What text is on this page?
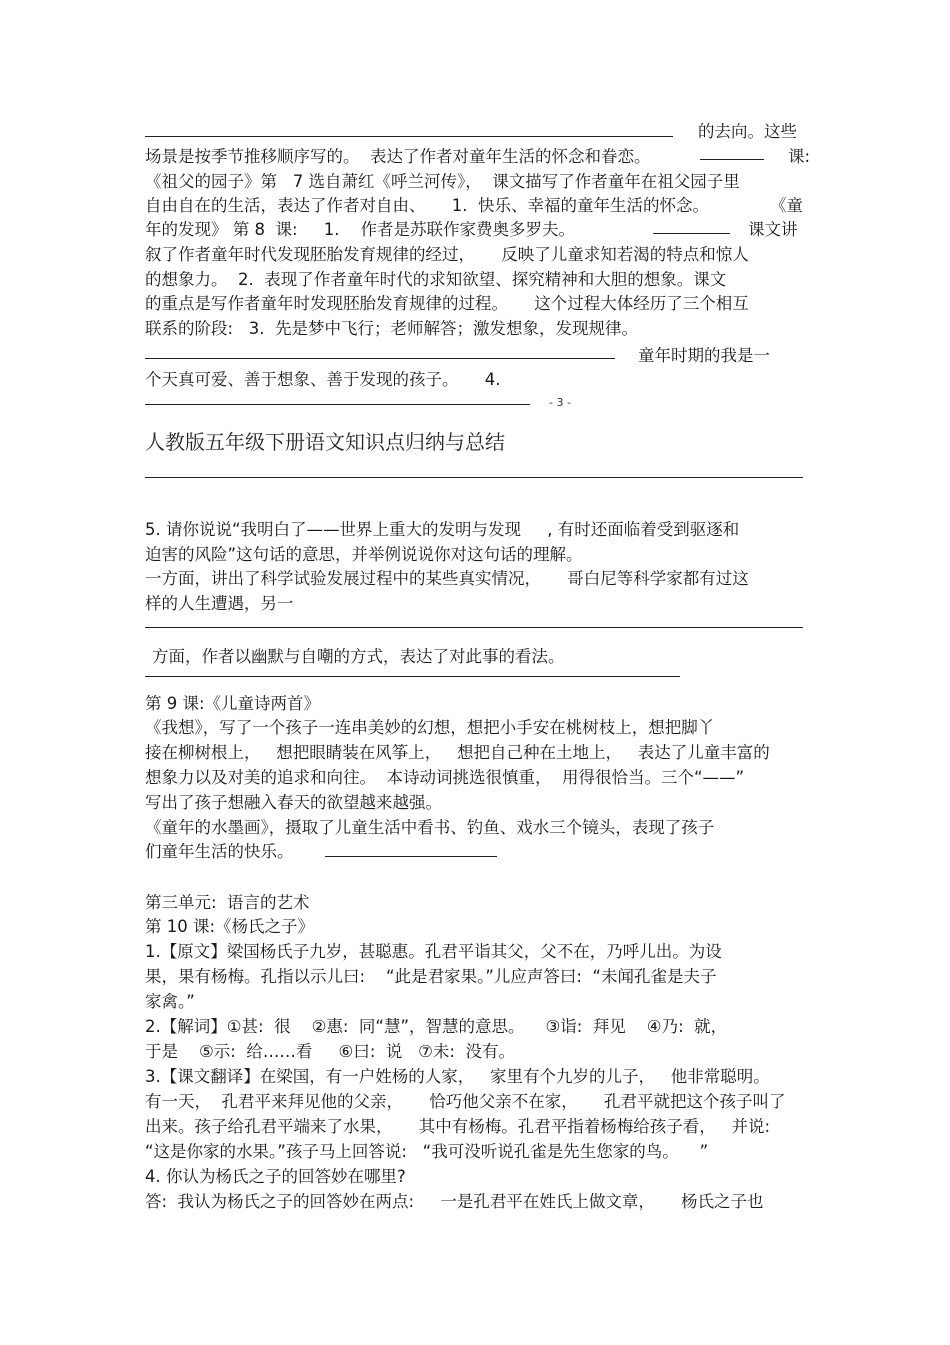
的去向。这些
场景是按季节推移顺序写的。  表达了作者对童年生活的怀念和眷恋。	课:
《祖父的园子》第   7 选自萧红《呼兰河传》，  课文描写了作者童年在祖父园子里
自由自在的生活，表达了作者对自由、     1.  快乐、幸福的童年生活的怀念。	《童
年的发现》 第 8  课:     1.    作者是苏联作家费奥多罗夫。	课文讲
叙了作者童年时代发现胚胎发育规律的经过，     反映了儿童求知若渴的特点和惊人
的想象力。  2.  表现了作者童年时代的求知欲望、探究精神和大胆的想象。课文
的重点是写作者童年时发现胚胎发育规律的过程。     这个过程大体经历了三个相互
联系的阶段:   3.  先是梦中飞行；老师解答；激发想象，发现规律。
童年时期的我是一
个天真可爱、善于想象、善于发现的孩子。     4.
- 3 -
人教版五年级下册语文知识点归纳与总结
5. 请你说说“我明白了——世界上重大的发明与发现     , 有时还面临着受到驱逐和
迫害的风险”这句话的意思，并举例说说你对这句话的理解。
一方面，讲出了科学试验发展过程中的某些真实情况，     哥白尼等科学家都有过这
样的人生遭遇，另一
方面，作者以幽默与自嘲的方式，表达了对此事的看法。
第 9 课:《儿童诗两首》
《我想》，写了一个孩子一连串美妙的幻想，想把小手安在桃树枝上，想把脚丫
接在柳树根上，   想把眼睛装在风筝上，   想把自己种在土地上，   表达了儿童丰富的
想象力以及对美的追求和向往。  本诗动词挑选很慎重，  用得很恰当。三个“——”
写出了孩子想融入春天的欲望越来越强。
《童年的水墨画》，摄取了儿童生活中看书、钓鱼、戏水三个镜头，表现了孩子
们童年生活的快乐。
第三单元:  语言的艺术
第 10 课:《杨氏之子》
1.【原文】梁国杨氏子九岁，甚聪惠。孔君平诣其父，父不在，乃呼儿出。为设
果，果有杨梅。孔指以示儿曰:    “此是君家果。”儿应声答曰:  “未闻孔雀是夫子
家禽。”
2.【解词】①甚:  很    ②惠:  同“慧”，智慧的意思。    ③诣:  拜见    ④乃:  就，
于是    ⑤示:  给……看     ⑥曰:  说   ⑦未:  没有。
3.【课文翻译】在梁国，有一户姓杨的人家，   家里有个九岁的儿子，   他非常聪明。
有一天，  孔君平来拜见他的父亲，     恰巧他父亲不在家，     孔君平就把这个孩子叫了
出来。孩子给孔君平端来了水果，     其中有杨梅。孔君平指着杨梅给孩子看，   并说:
“这是你家的水果。”孩子马上回答说:   “我可没听说孔雀是先生您家的鸟。    ”
4. 你认为杨氏之子的回答妙在哪里?
答:  我认为杨氏之子的回答妙在两点:     一是孔君平在姓氏上做文章，     杨氏之子也
